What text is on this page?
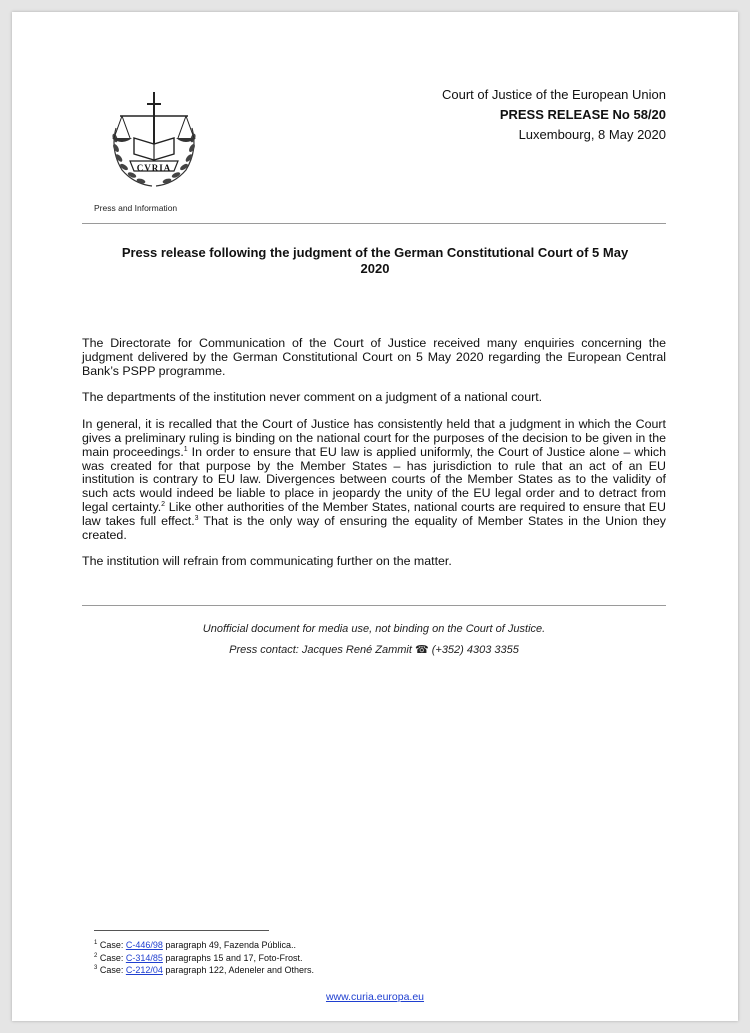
CVRIA
Press and Information
Court of Justice of the European Union
PRESS RELEASE No 58/20
Luxembourg, 8 May 2020
Press release following the judgment of the German Constitutional Court of 5 May
2020

The Directorate for Communication of the Court of Justice received many enquiries concerning the judgment delivered by the German Constitutional Court on 5 May 2020 regarding the European Central Bank’s PSPP programme.

The departments of the institution never comment on a judgment of a national court.

In general, it is recalled that the Court of Justice has consistently held that a judgment in which the Court gives a preliminary ruling is binding on the national court for the purposes of the decision to be given in the main proceedings.$^1$ In order to ensure that EU law is applied uniformly, the Court of Justice alone – which was created for that purpose by the Member States – has jurisdiction to rule that an act of an EU institution is contrary to EU law. Divergences between courts of the Member States as to the validity of such acts would indeed be liable to place in jeopardy the unity of the EU legal order and to detract from legal certainty.$^2$ Like other authorities of the Member States, national courts are required to ensure that EU law takes full effect.$^3$ That is the only way of ensuring the equality of Member States in the Union they created.

The institution will refrain from communicating further on the matter.

Unofficial document for media use, not binding on the Court of Justice.
Press contact: Jacques René Zammit ☎ (+352) 4303 3355
$^1$ Case: C-446/98 paragraph 49, Fazenda Pública..
$^2$ Case: C-314/85 paragraphs 15 and 17, Foto-Frost.
$^3$ Case: C-212/04 paragraph 122, Adeneler and Others.
www.curia.europa.eu
